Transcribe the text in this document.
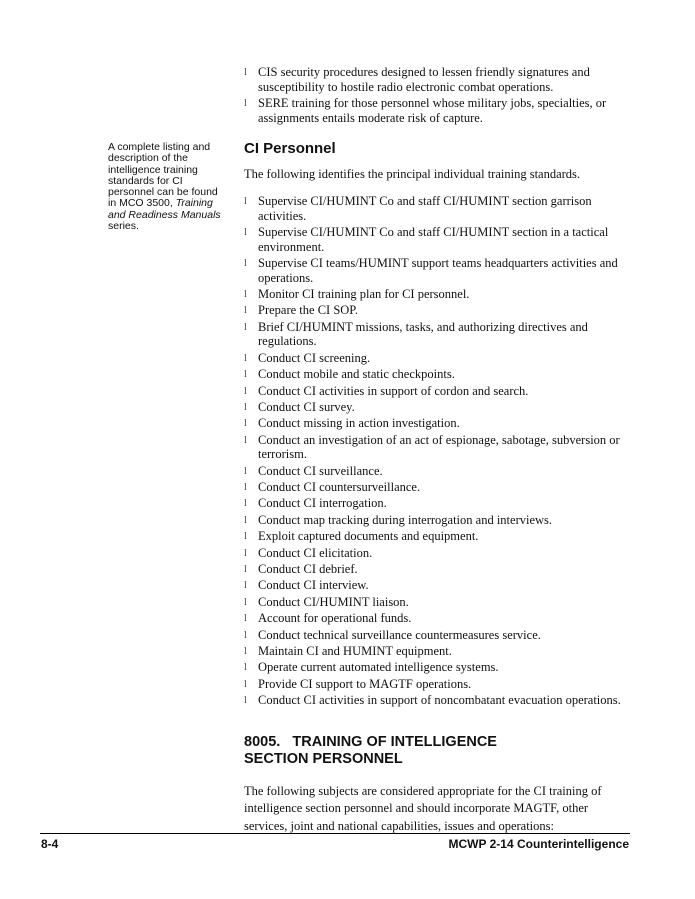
l CIS security procedures designed to lessen friendly signatures and susceptibility to hostile radio electronic combat operations.
l SERE training for those personnel whose military jobs, specialties, or assignments entails moderate risk of capture.
A complete listing and description of the intelligence training standards for CI personnel can be found in MCO 3500, Training and Readiness Manuals series.
CI Personnel

The following identifies the principal individual training standards.

l Supervise CI/HUMINT Co and staff CI/HUMINT section garrison activities.
l Supervise CI/HUMINT Co and staff CI/HUMINT section in a tactical environment.
l Supervise CI teams/HUMINT support teams headquarters activities and operations.
l Monitor CI training plan for CI personnel.
l Prepare the CI SOP.
l Brief CI/HUMINT missions, tasks, and authorizing directives and regulations.
l Conduct CI screening.
l Conduct mobile and static checkpoints.
l Conduct CI activities in support of cordon and search.
l Conduct CI survey.
l Conduct missing in action investigation.
l Conduct an investigation of an act of espionage, sabotage, subversion or terrorism.
l Conduct CI surveillance.
l Conduct CI countersurveillance.
l Conduct CI interrogation.
l Conduct map tracking during interrogation and interviews.
l Exploit captured documents and equipment.
l Conduct CI elicitation.
l Conduct CI debrief.
l Conduct CI interview.
l Conduct CI/HUMINT liaison.
l Account for operational funds.
l Conduct technical surveillance countermeasures service.
l Maintain CI and HUMINT equipment.
l Operate current automated intelligence systems.
l Provide CI support to MAGTF operations.
l Conduct CI activities in support of noncombatant evacuation operations.
8005.   TRAINING OF INTELLIGENCE
SECTION PERSONNEL

The following subjects are considered appropriate for the CI training of intelligence section personnel and should incorporate MAGTF, other services, joint and national capabilities, issues and operations:

8-4	MCWP 2-14 Counterintelligence
